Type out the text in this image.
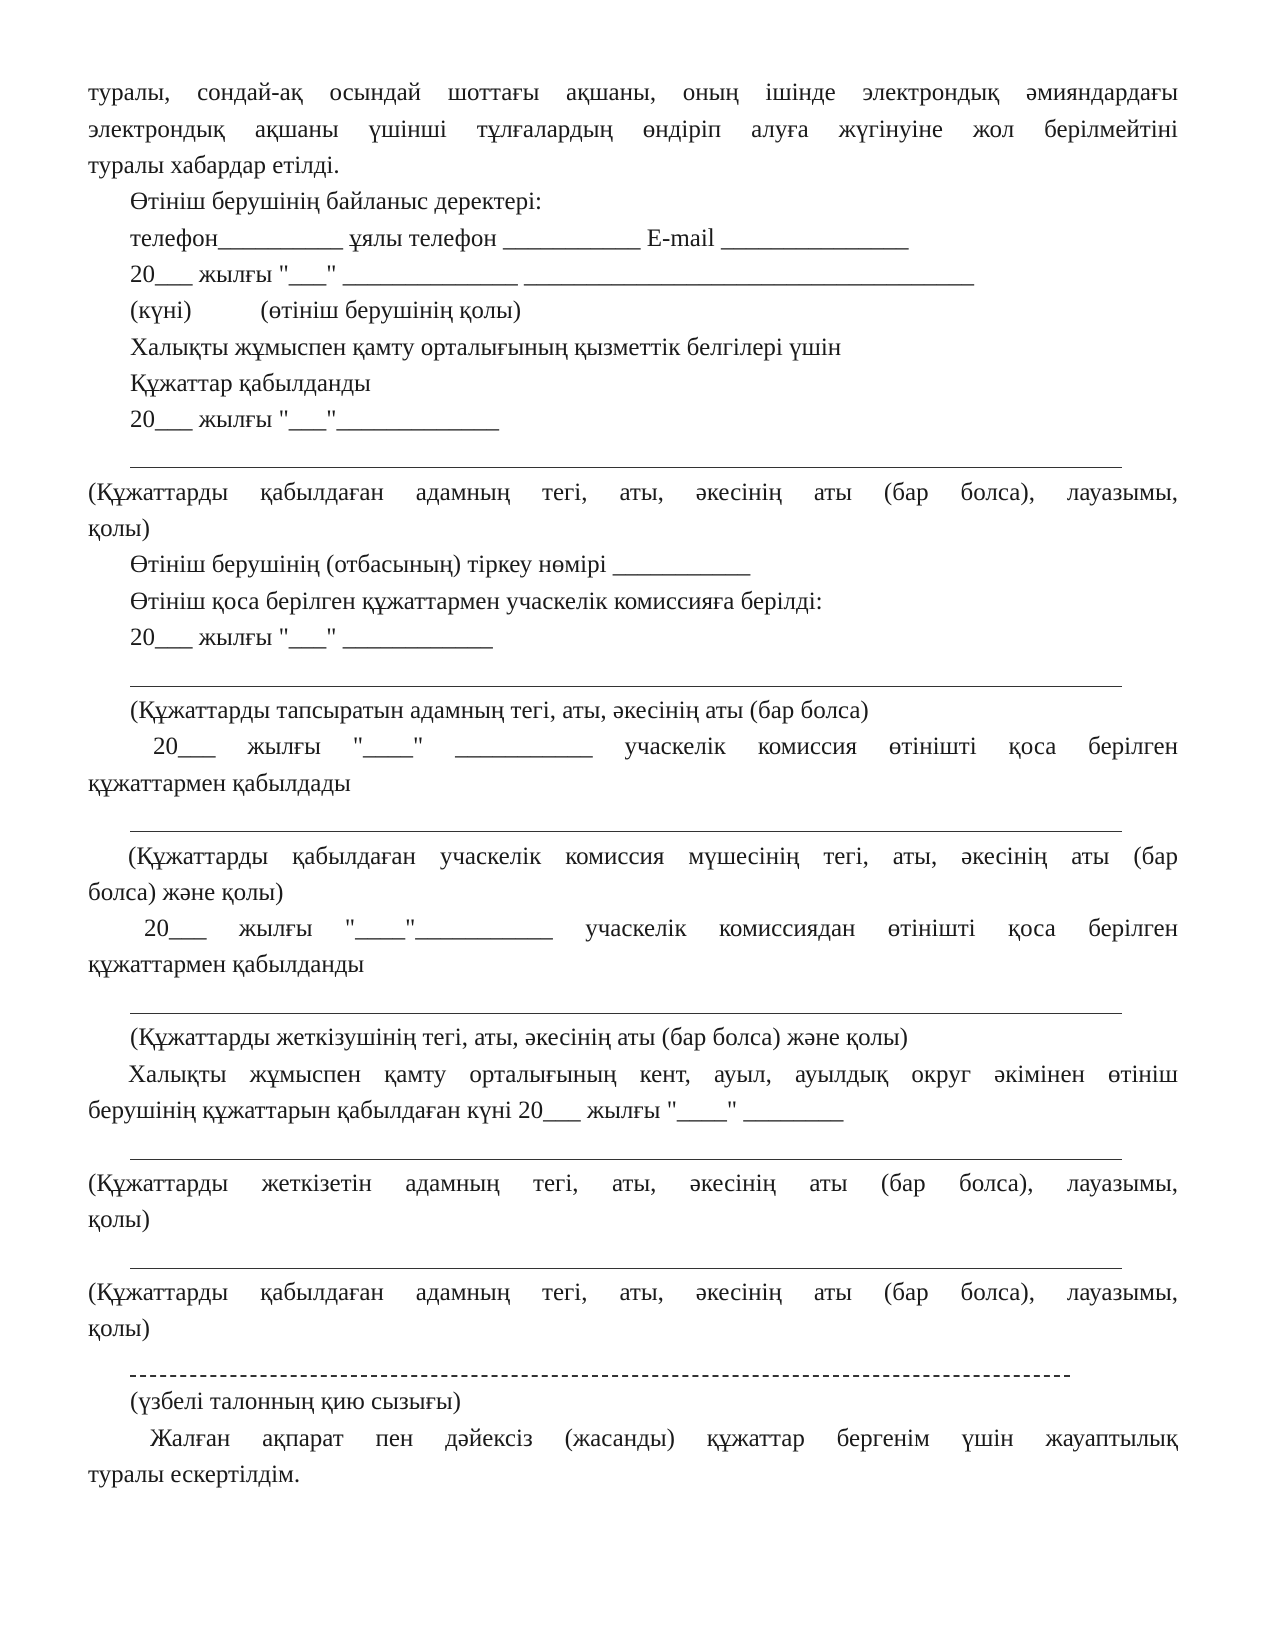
туралы, сондай-ақ осындай шоттағы ақшаны, оның ішінде электрондық әмияндардағы
электрондық ақшаны үшінші тұлғалардың өндіріп алуға жүгінуіне жол берілмейтіні
туралы хабардар етілді.
Өтініш берушінің байланыс деректері:
телефон__________ ұялы телефон ___________ E-mail _______________
20___ жылғы "___" ______________ ____________________________________
(күні)           (өтініш берушінің қолы)
Халықты жұмыспен қамту орталығының қызметтік белгілері үшін
Құжаттар қабылданды
20___ жылғы "___"_____________
(Құжаттарды қабылдаған адамның тегі, аты, әкесінің аты (бар болса), лауазымы,
қолы)
Өтініш берушінің (отбасының) тіркеу нөмірі ___________
Өтініш қоса берілген құжаттармен учаскелік комиссияға берілді:
20___ жылғы "___" ____________
(Құжаттарды тапсыратын адамның тегі, аты, әкесінің аты (бар болса)
20___ жылғы "____" ___________ учаскелік комиссия өтінішті қоса берілген
құжаттармен қабылдады
(Құжаттарды қабылдаған учаскелік комиссия мүшесінің тегі, аты, әкесінің аты (бар
болса) және қолы)
20___ жылғы "____"___________ учаскелік комиссиядан өтінішті қоса берілген
құжаттармен қабылданды
(Құжаттарды жеткізушінің тегі, аты, әкесінің аты (бар болса) және қолы)
Халықты жұмыспен қамту орталығының кент, ауыл, ауылдық округ әкімінен өтініш
берушінің құжаттарын қабылдаған күні 20___ жылғы "____" ________
(Құжаттарды жеткізетін адамның тегі, аты, әкесінің аты (бар болса), лауазымы,
қолы)
(Құжаттарды қабылдаған адамның тегі, аты, әкесінің аты (бар болса), лауазымы,
қолы)
(үзбелі талонның қию сызығы)
Жалған ақпарат пен дәйексіз (жасанды) құжаттар бергенім үшін жауаптылық
туралы ескертілдім.
